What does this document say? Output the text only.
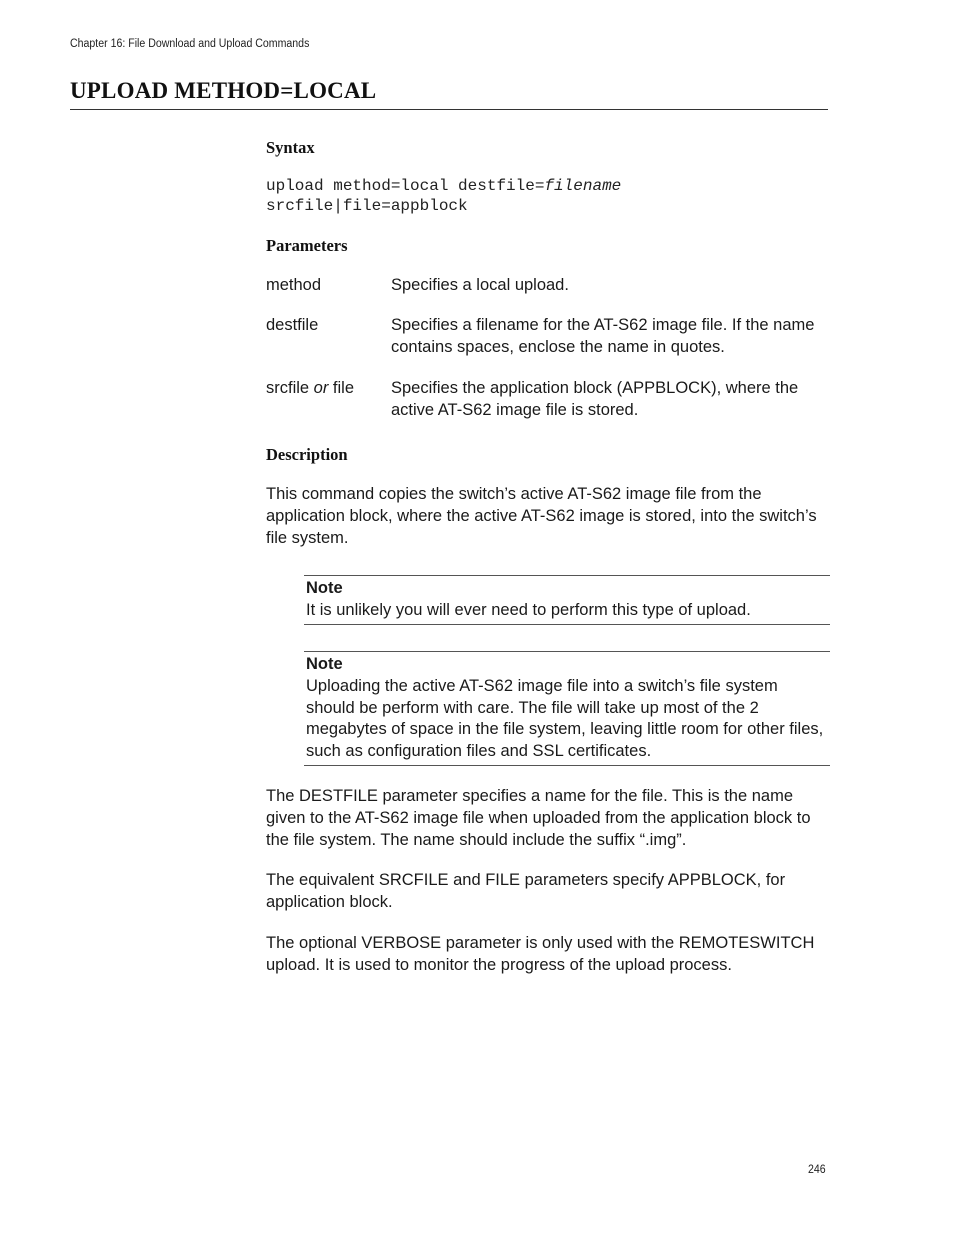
Chapter 16: File Download and Upload Commands
UPLOAD METHOD=LOCAL
Syntax
upload method=local destfile=filename
srcfile|file=appblock
Parameters
method	Specifies a local upload.
destfile	Specifies a filename for the AT-S62 image file. If the name contains spaces, enclose the name in quotes.
srcfile or file	Specifies the application block (APPBLOCK), where the active AT-S62 image file is stored.
Description

This command copies the switch’s active AT-S62 image file from the application block, where the active AT-S62 image is stored, into the switch’s file system.

Note
It is unlikely you will ever need to perform this type of upload.
Note
Uploading the active AT-S62 image file into a switch’s file system should be perform with care. The file will take up most of the 2 megabytes of space in the file system, leaving little room for other files, such as configuration files and SSL certificates.

The DESTFILE parameter specifies a name for the file. This is the name given to the AT-S62 image file when uploaded from the application block to the file system. The name should include the suffix “.img”.

The equivalent SRCFILE and FILE parameters specify APPBLOCK, for application block.

The optional VERBOSE parameter is only used with the REMOTESWITCH upload. It is used to monitor the progress of the upload process.

246
